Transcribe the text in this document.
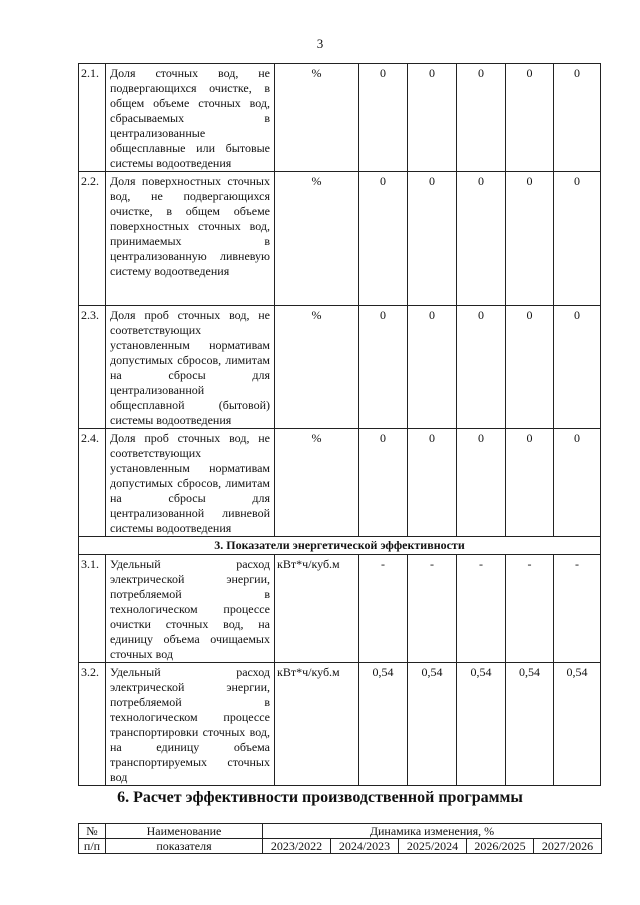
3
2.1.	Доля сточных вод, не подвергающихся очистке, в общем объеме сточных вод, сбрасываемых в централизованные общесплавные или бытовые системы водоотведения	%	0	0	0	0	0
2.2.	Доля поверхностных сточных вод, не подвергающихся очистке, в общем объеме поверхностных сточных вод, принимаемых в централизованную ливневую систему водоотведения	%	0	0	0	0	0
2.3.	Доля проб сточных вод, не соответствующих установленным нормативам допустимых сбросов, лимитам на сбросы для централизованной общесплавной (бытовой) системы водоотведения	%	0	0	0	0	0
2.4.	Доля проб сточных вод, не соответствующих установленным нормативам допустимых сбросов, лимитам на сбросы для централизованной ливневой системы водоотведения	%	0	0	0	0	0
3. Показатели энергетической эффективности							
3.1.	Удельный расход электрической энергии, потребляемой в технологическом процессе очистки сточных вод, на единицу объема очищаемых сточных вод	кВт*ч/куб.м	-	-	-	-	-
3.2.	Удельный расход электрической энергии, потребляемой в технологическом процессе транспортировки сточных вод, на единицу объема транспортируемых сточных вод	кВт*ч/куб.м	0,54	0,54	0,54	0,54	0,54
6. Расчет эффективности производственной программы
№	Наименование	Динамика изменения, %				
п/п	показателя	2023/2022	2024/2023	2025/2024	2026/2025	2027/2026
